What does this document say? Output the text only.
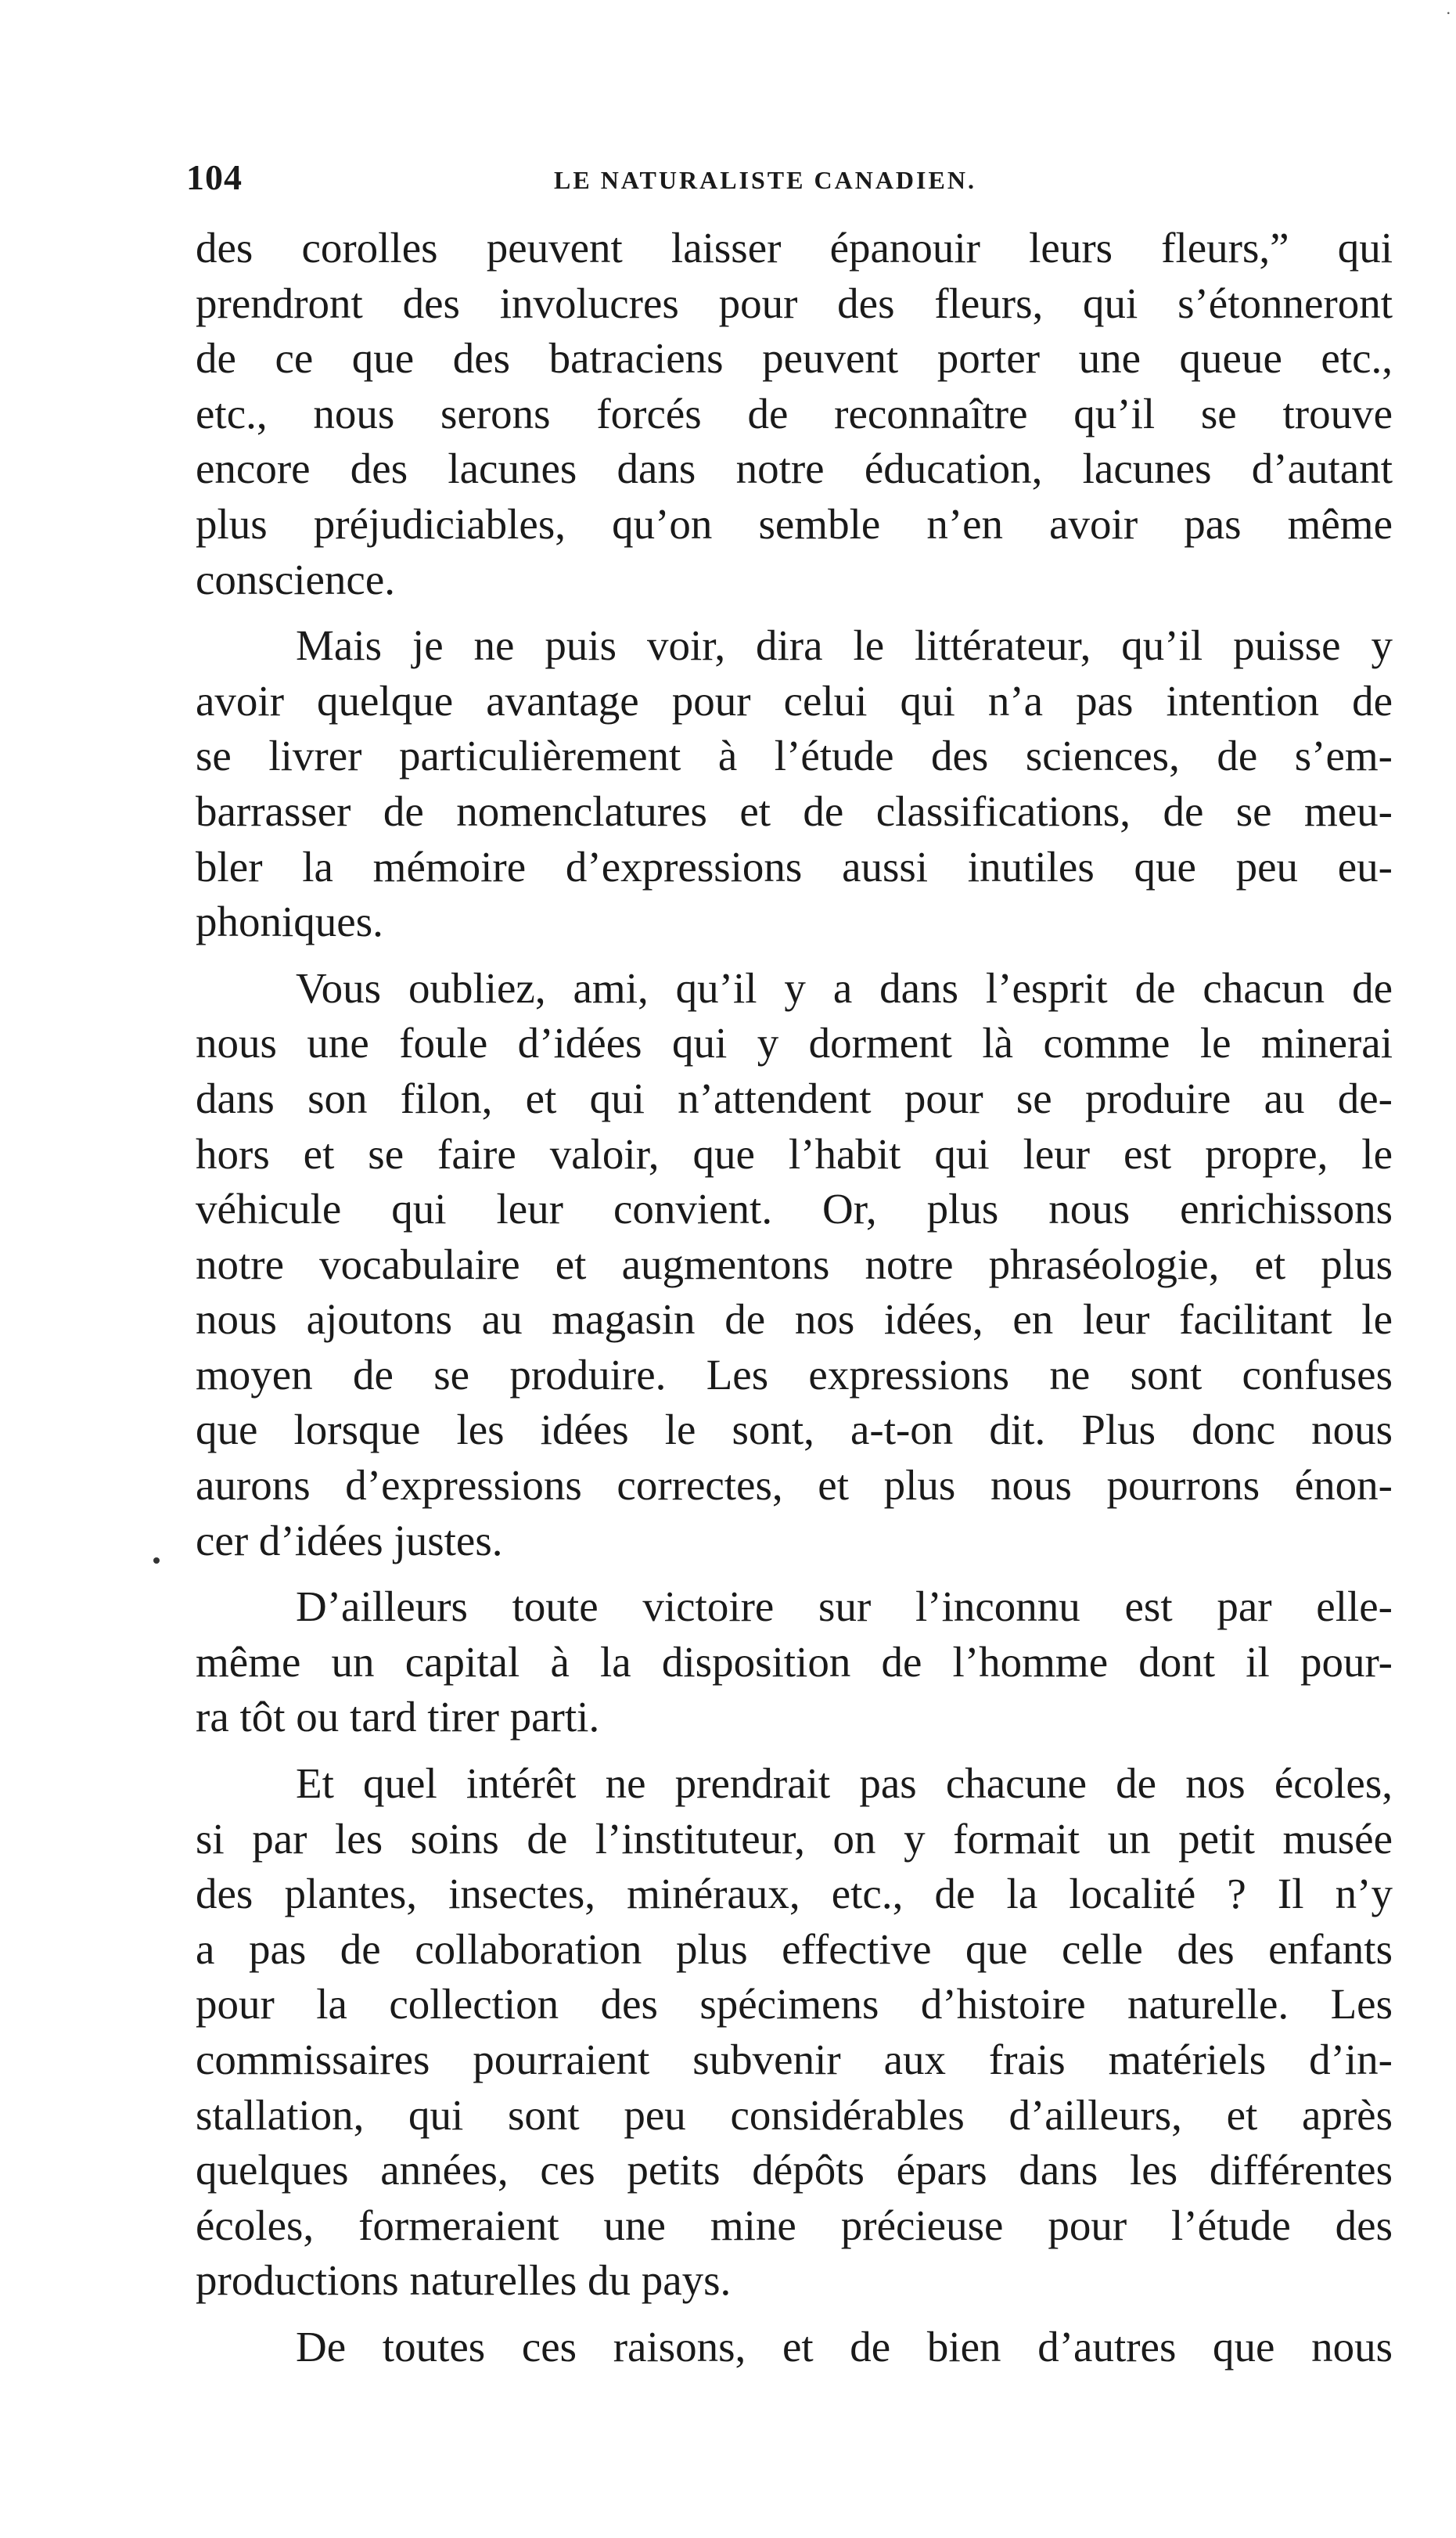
·
104	LE NATURALISTE CANADIEN.
des corolles peuvent laisser épanouir leurs fleurs,” qui
prendront des involucres pour des fleurs, qui s’étonneront
de ce que des batraciens peuvent porter une queue etc.,
etc., nous serons forcés de reconnaître qu’il se trouve
encore des lacunes dans notre éducation, lacunes d’autant
plus préjudiciables, qu’on semble n’en avoir pas même
conscience.
Mais je ne puis voir, dira le littérateur, qu’il puisse y
avoir quelque avantage pour celui qui n’a pas intention de
se livrer particulièrement à l’étude des sciences, de s’em-
barrasser de nomenclatures et de classifications, de se meu-
bler la mémoire d’expressions aussi inutiles que peu eu-
phoniques.
Vous oubliez, ami, qu’il y a dans l’esprit de chacun de
nous une foule d’idées qui y dorment là comme le minerai
dans son filon, et qui n’attendent pour se produire au de-
hors et se faire valoir, que l’habit qui leur est propre, le
véhicule qui leur convient. Or, plus nous enrichissons
notre vocabulaire et augmentons notre phraséologie, et plus
nous ajoutons au magasin de nos idées, en leur facilitant le
moyen de se produire. Les expressions ne sont confuses
que lorsque les idées le sont, a-t-on dit. Plus donc nous
aurons d’expressions correctes, et plus nous pourrons énon-
cer d’idées justes.
D’ailleurs toute victoire sur l’inconnu est par elle-
même un capital à la disposition de l’homme dont il pour-
ra tôt ou tard tirer parti.
Et quel intérêt ne prendrait pas chacune de nos écoles,
si par les soins de l’instituteur, on y formait un petit musée
des plantes, insectes, minéraux, etc., de la localité ? Il n’y
a pas de collaboration plus effective que celle des enfants
pour la collection des spécimens d’histoire naturelle. Les
commissaires pourraient subvenir aux frais matériels d’in-
stallation, qui sont peu considérables d’ailleurs, et après
quelques années, ces petits dépôts épars dans les différentes
écoles, formeraient une mine précieuse pour l’étude des
productions naturelles du pays.
De toutes ces raisons, et de bien d’autres que nous
